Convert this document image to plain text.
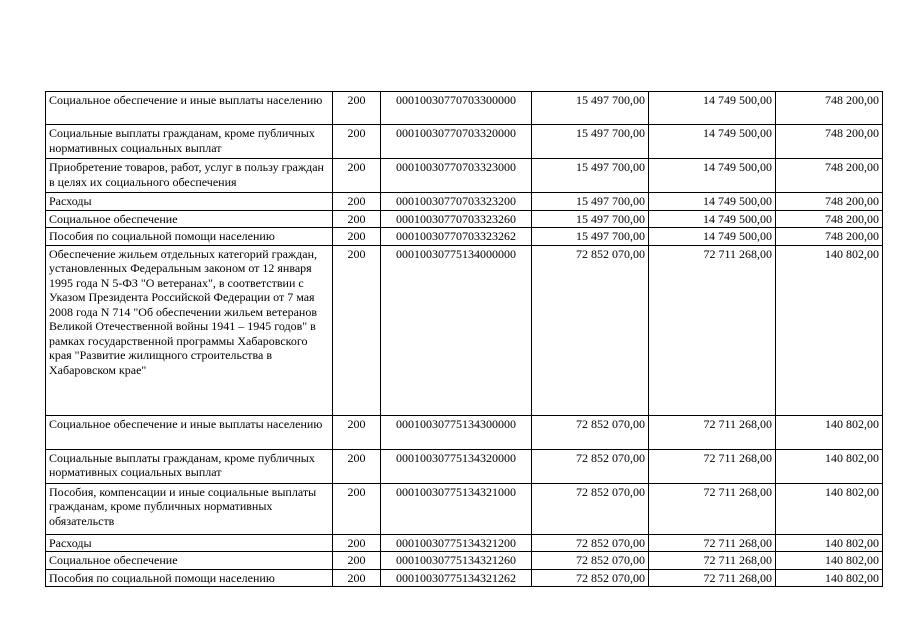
Социальное обеспечение и иные выплаты населению	200	00010030770703300000	15 497 700,00	14 749 500,00	748 200,00
Социальные выплаты гражданам, кроме публичных нормативных социальных выплат	200	00010030770703320000	15 497 700,00	14 749 500,00	748 200,00
Приобретение товаров, работ, услуг в пользу граждан в целях их социального обеспечения	200	00010030770703323000	15 497 700,00	14 749 500,00	748 200,00
Расходы	200	00010030770703323200	15 497 700,00	14 749 500,00	748 200,00
Социальное обеспечение	200	00010030770703323260	15 497 700,00	14 749 500,00	748 200,00
Пособия по социальной помощи населению	200	00010030770703323262	15 497 700,00	14 749 500,00	748 200,00
Обеспечение жильем отдельных категорий граждан, установленных Федеральным законом от 12 января 1995 года N 5-ФЗ "О ветеранах", в соответствии с Указом Президента Российской Федерации от 7 мая 2008 года N 714 "Об обеспечении жильем ветеранов Великой Отечественной войны 1941 – 1945 годов" в рамках государственной программы Хабаровского края "Развитие жилищного строительства в Хабаровском крае"	200	00010030775134000000	72 852 070,00	72 711 268,00	140 802,00
Социальное обеспечение и иные выплаты населению	200	00010030775134300000	72 852 070,00	72 711 268,00	140 802,00
Социальные выплаты гражданам, кроме публичных нормативных социальных выплат	200	00010030775134320000	72 852 070,00	72 711 268,00	140 802,00
Пособия, компенсации и иные социальные выплаты гражданам, кроме публичных нормативных обязательств	200	00010030775134321000	72 852 070,00	72 711 268,00	140 802,00
Расходы	200	00010030775134321200	72 852 070,00	72 711 268,00	140 802,00
Социальное обеспечение	200	00010030775134321260	72 852 070,00	72 711 268,00	140 802,00
Пособия по социальной помощи населению	200	00010030775134321262	72 852 070,00	72 711 268,00	140 802,00
